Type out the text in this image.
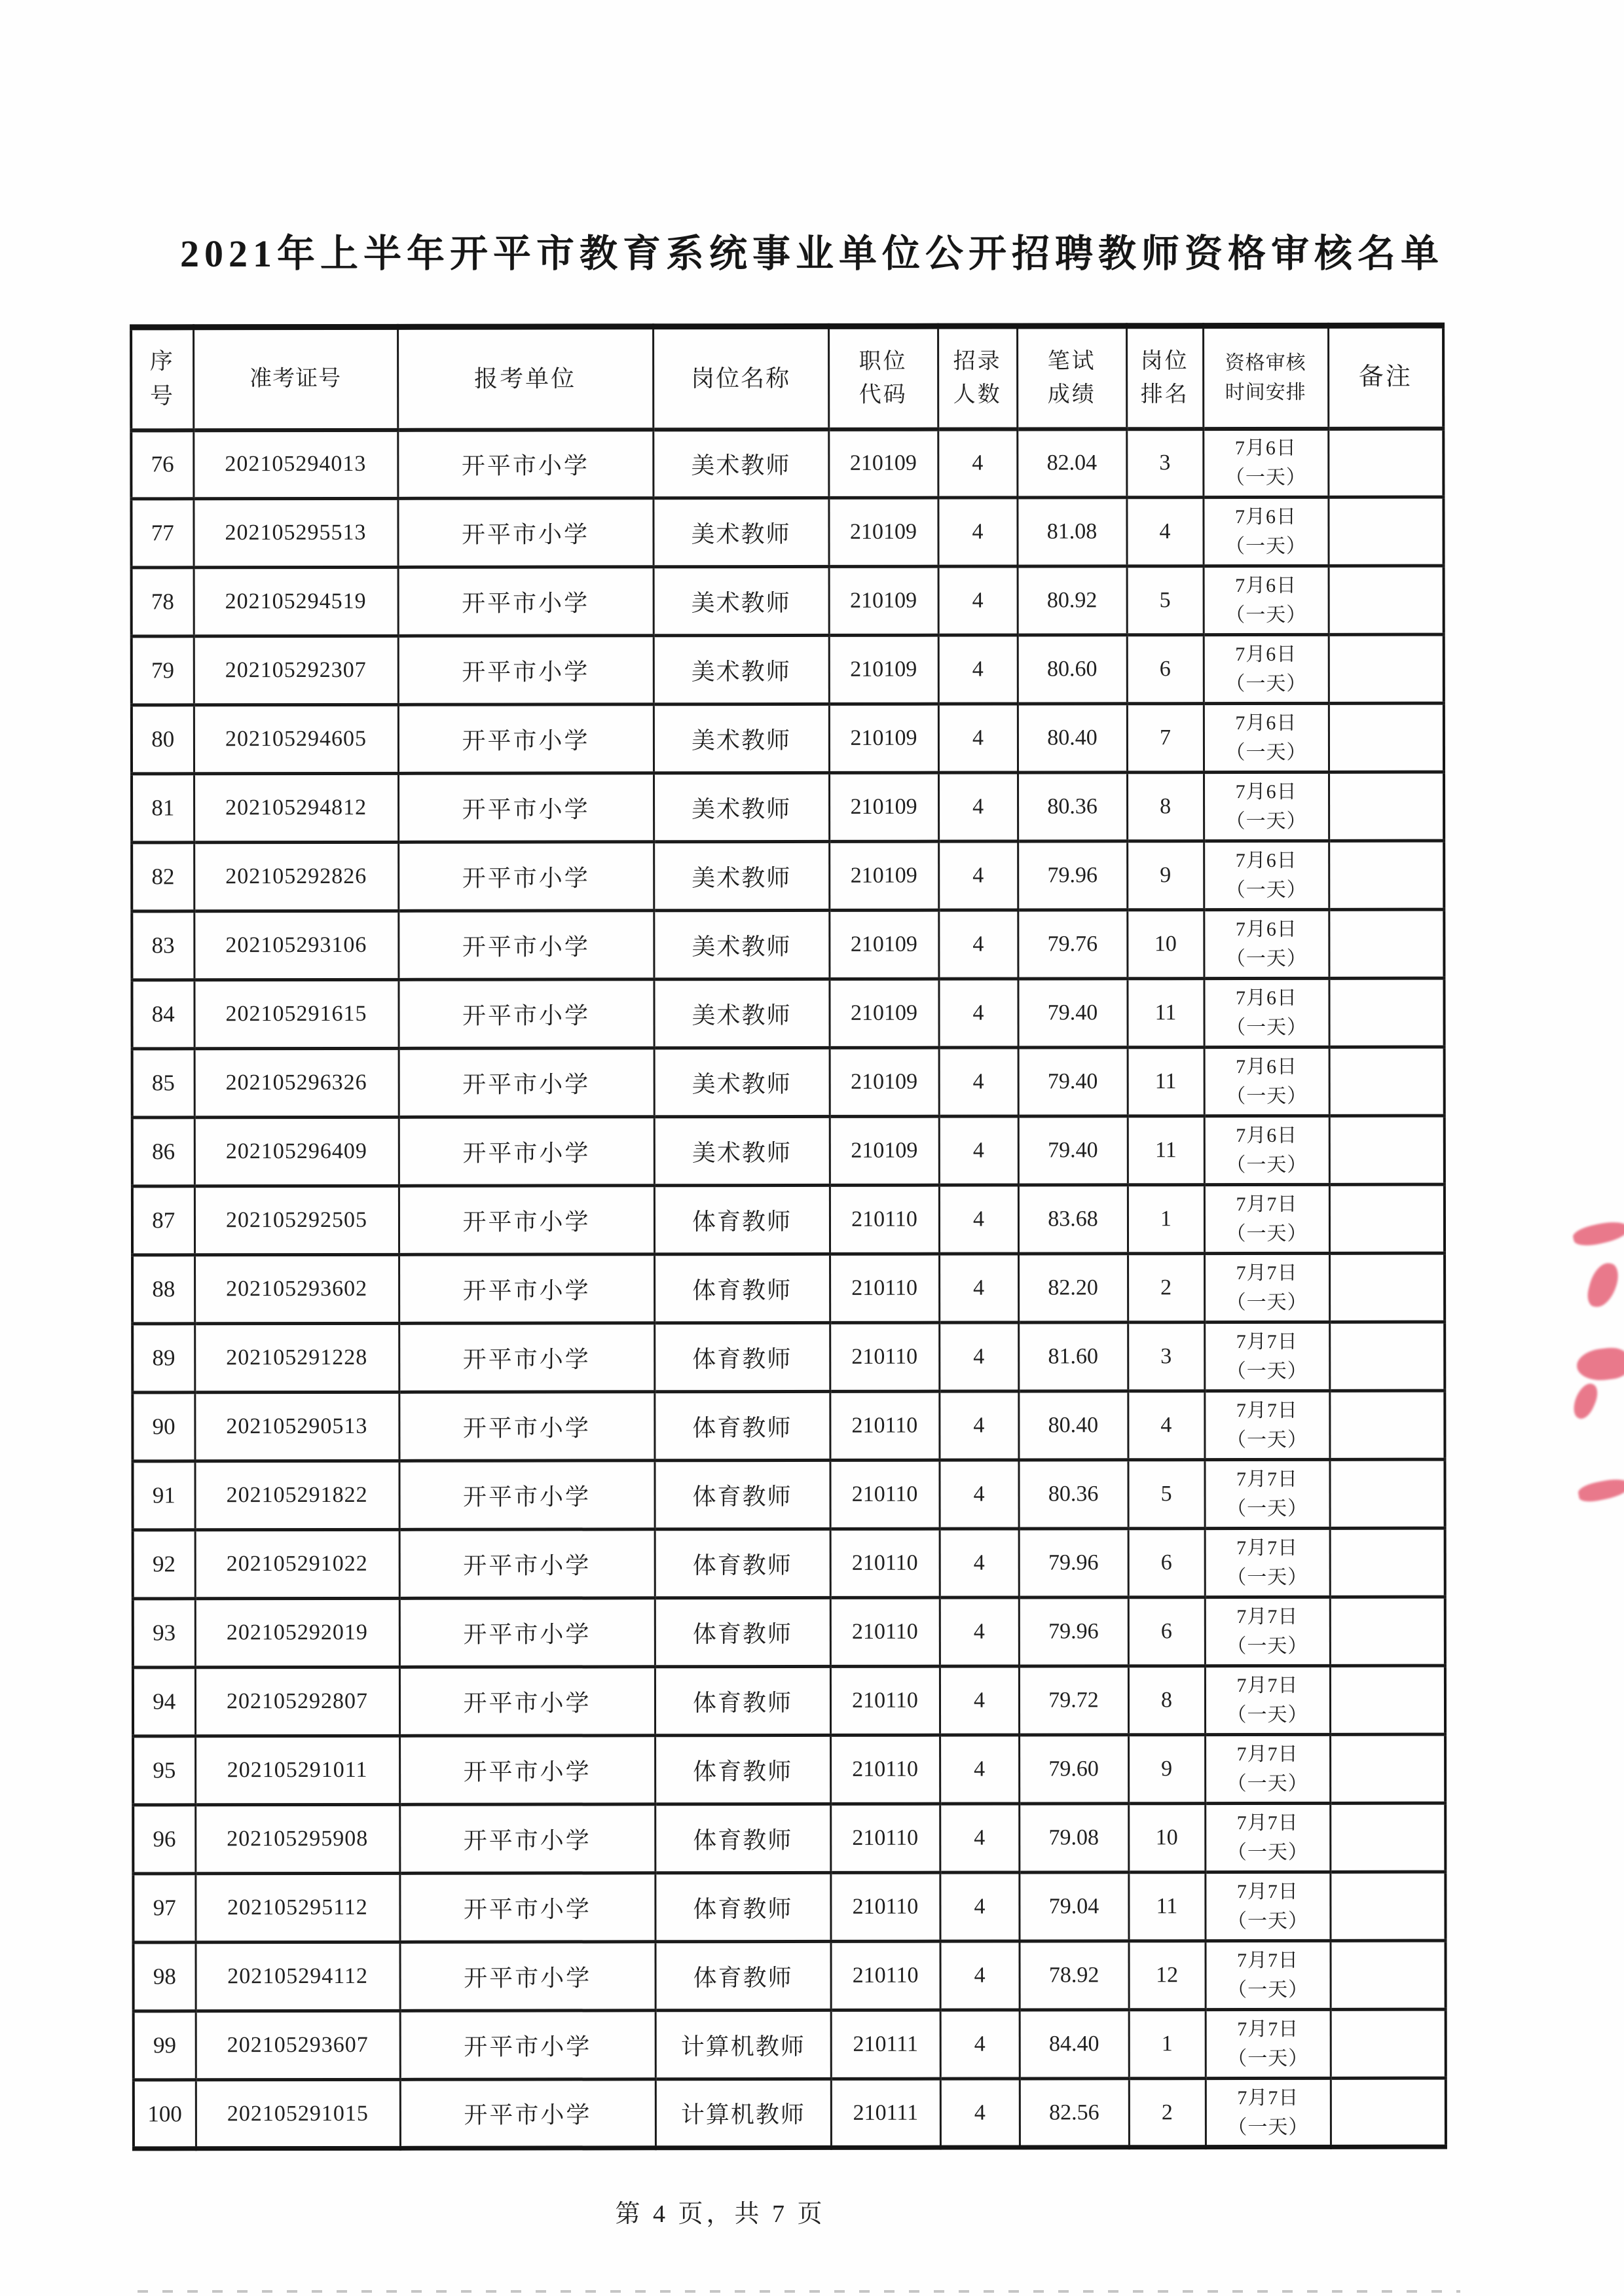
2021年上半年开平市教育系统事业单位公开招聘教师资格审核名单
序
号	准考证号	报考单位	岗位名称	职位
代码	招录
人数	笔试
成绩	岗位
排名	资格审核
时间安排	备注
76	202105294013	开平市小学	美术教师	210109	4	82.04	3	7月6日
（一天）	
77	202105295513	开平市小学	美术教师	210109	4	81.08	4	7月6日
（一天）	
78	202105294519	开平市小学	美术教师	210109	4	80.92	5	7月6日
（一天）	
79	202105292307	开平市小学	美术教师	210109	4	80.60	6	7月6日
（一天）	
80	202105294605	开平市小学	美术教师	210109	4	80.40	7	7月6日
（一天）	
81	202105294812	开平市小学	美术教师	210109	4	80.36	8	7月6日
（一天）	
82	202105292826	开平市小学	美术教师	210109	4	79.96	9	7月6日
（一天）	
83	202105293106	开平市小学	美术教师	210109	4	79.76	10	7月6日
（一天）	
84	202105291615	开平市小学	美术教师	210109	4	79.40	11	7月6日
（一天）	
85	202105296326	开平市小学	美术教师	210109	4	79.40	11	7月6日
（一天）	
86	202105296409	开平市小学	美术教师	210109	4	79.40	11	7月6日
（一天）	
87	202105292505	开平市小学	体育教师	210110	4	83.68	1	7月7日
（一天）	
88	202105293602	开平市小学	体育教师	210110	4	82.20	2	7月7日
（一天）	
89	202105291228	开平市小学	体育教师	210110	4	81.60	3	7月7日
（一天）	
90	202105290513	开平市小学	体育教师	210110	4	80.40	4	7月7日
（一天）	
91	202105291822	开平市小学	体育教师	210110	4	80.36	5	7月7日
（一天）	
92	202105291022	开平市小学	体育教师	210110	4	79.96	6	7月7日
（一天）	
93	202105292019	开平市小学	体育教师	210110	4	79.96	6	7月7日
（一天）	
94	202105292807	开平市小学	体育教师	210110	4	79.72	8	7月7日
（一天）	
95	202105291011	开平市小学	体育教师	210110	4	79.60	9	7月7日
（一天）	
96	202105295908	开平市小学	体育教师	210110	4	79.08	10	7月7日
（一天）	
97	202105295112	开平市小学	体育教师	210110	4	79.04	11	7月7日
（一天）	
98	202105294112	开平市小学	体育教师	210110	4	78.92	12	7月7日
（一天）	
99	202105293607	开平市小学	计算机教师	210111	4	84.40	1	7月7日
（一天）	
100	202105291015	开平市小学	计算机教师	210111	4	82.56	2	7月7日
（一天）	
第 4 页，共 7 页
